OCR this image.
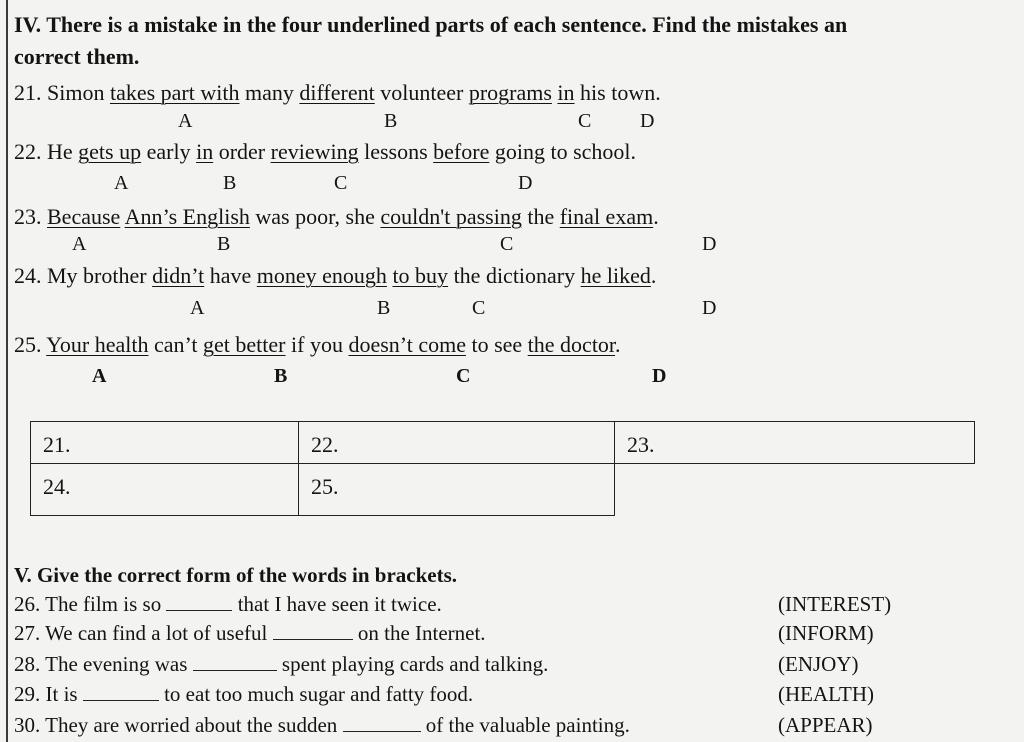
IV. There is a mistake in the four underlined parts of each sentence. Find the mistakes an
correct them.
21. Simon takes part with many different volunteer programs in his town.
A	B	C D
22. He gets up early in order reviewing lessons before going to school.
A	B	C	D
23. Because Ann’s English was poor, she couldn't passing the final exam.
A	B	C	D
24. My brother didn’t have money enough to buy the dictionary he liked.
A	B	C	D
25. Your health can’t get better if you doesn’t come to see the doctor.
A	B	C	D
21.	22.	23.
24.	25.	
V. Give the correct form of the words in brackets.
26. The film is so	that I have seen it twice.	(INTEREST)
27. We can find a lot of useful	on the Internet.	(INFORM)
28. The evening was	spent playing cards and talking.	(ENJOY)
29. It is	to eat too much sugar and fatty food.	(HEALTH)
30. They are worried about the sudden	of the valuable painting.	(APPEAR)
